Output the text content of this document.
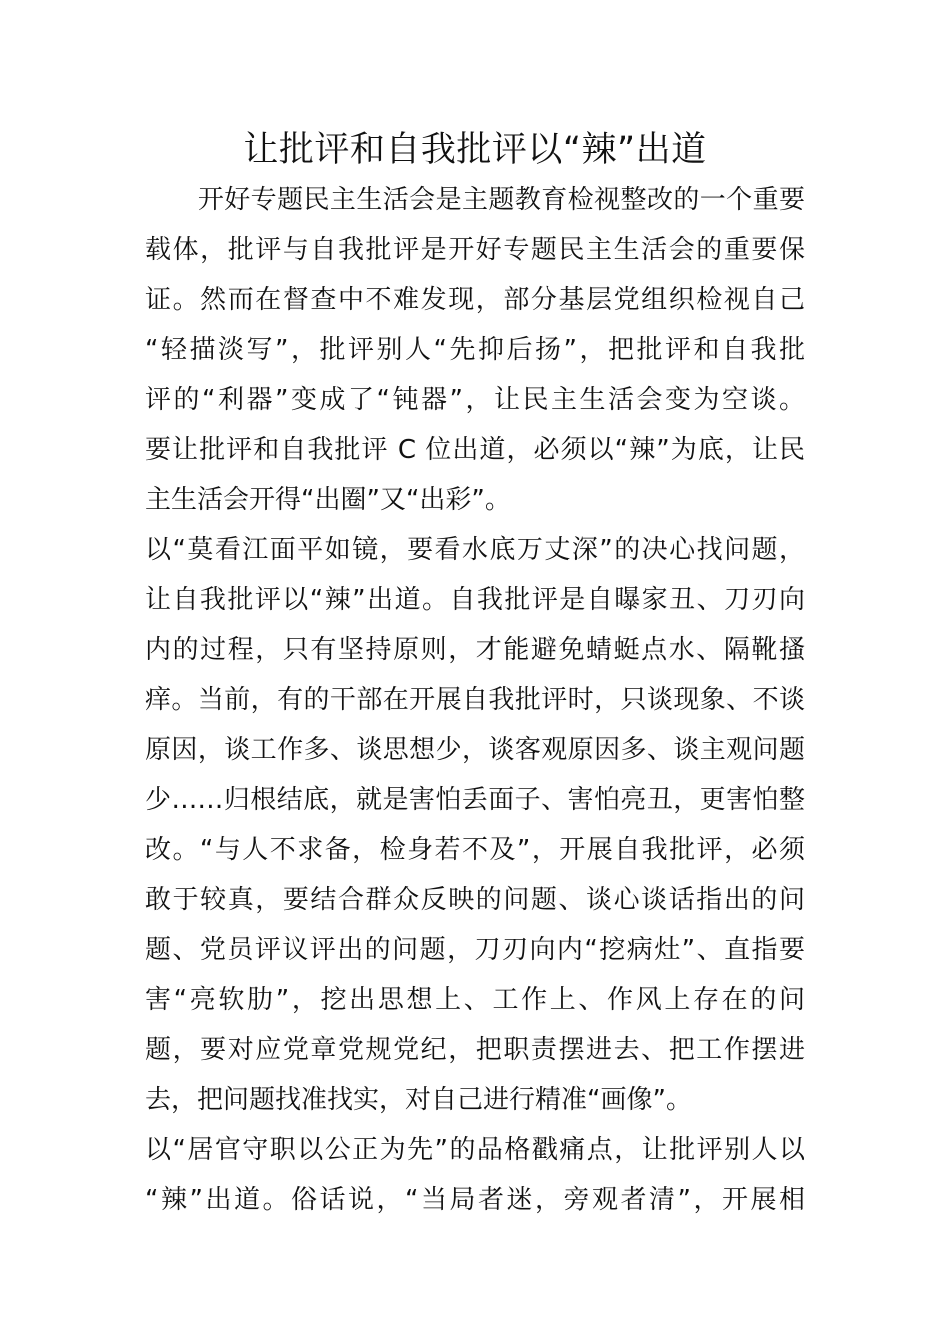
让批评和自我批评以“辣”出道
　　开好专题民主生活会是主题教育检视整改的一个重要
载体，批评与自我批评是开好专题民主生活会的重要保
证。然而在督查中不难发现，部分基层党组织检视自己
“轻描淡写”，批评别人“先抑后扬”，把批评和自我批
评的“利器”变成了“钝器”，让民主生活会变为空谈。
要让批评和自我批评 C 位出道，必须以“辣”为底，让民
主生活会开得“出圈”又“出彩”。
以“莫看江面平如镜，要看水底万丈深”的决心找问题，
让自我批评以“辣”出道。自我批评是自曝家丑、刀刃向
内的过程，只有坚持原则，才能避免蜻蜓点水、隔靴搔
痒。当前，有的干部在开展自我批评时，只谈现象、不谈
原因，谈工作多、谈思想少，谈客观原因多、谈主观问题
少……归根结底，就是害怕丢面子、害怕亮丑，更害怕整
改。“与人不求备，检身若不及”，开展自我批评，必须
敢于较真，要结合群众反映的问题、谈心谈话指出的问
题、党员评议评出的问题，刀刃向内“挖病灶”、直指要
害“亮软肋”，挖出思想上、工作上、作风上存在的问
题，要对应党章党规党纪，把职责摆进去、把工作摆进
去，把问题找准找实，对自己进行精准“画像”。
以“居官守职以公正为先”的品格戳痛点，让批评别人以
“辣”出道。俗话说，“当局者迷，旁观者清”，开展相
